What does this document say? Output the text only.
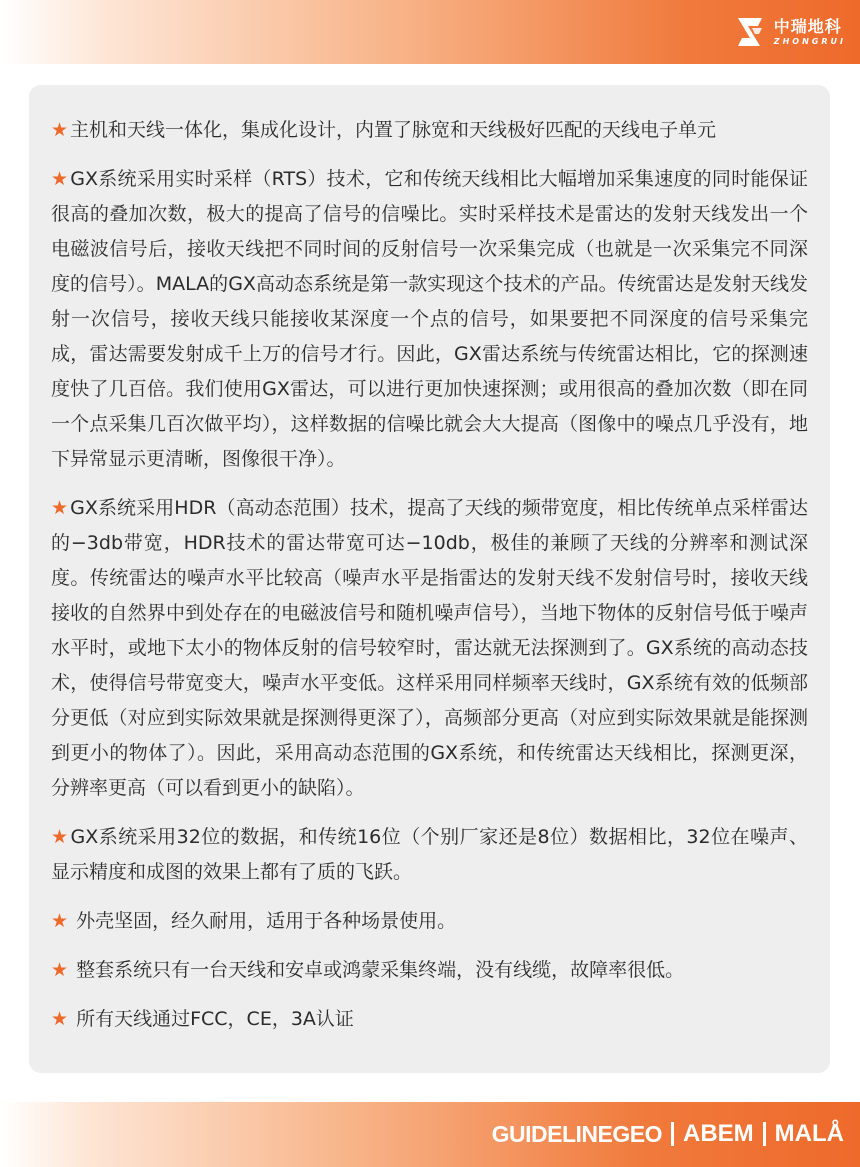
中瑞地科
ZHONGRUI

★ 主机和天线一体化，集成化设计，内置了脉宽和天线极好匹配的天线电子单元

★ GX系统采用实时采样（RTS）技术，它和传统天线相比大幅增加采集速度的同时能保证很高的叠加次数，极大的提高了信号的信噪比。实时采样技术是雷达的发射天线发出一个电磁波信号后，接收天线把不同时间的反射信号一次采集完成（也就是一次采集完不同深度的信号）。MALA的GX高动态系统是第一款实现这个技术的产品。传统雷达是发射天线发射一次信号，接收天线只能接收某深度一个点的信号，如果要把不同深度的信号采集完成，雷达需要发射成千上万的信号才行。因此，GX雷达系统与传统雷达相比，它的探测速度快了几百倍。我们使用GX雷达，可以进行更加快速探测；或用很高的叠加次数（即在同一个点采集几百次做平均），这样数据的信噪比就会大大提高（图像中的噪点几乎没有，地下异常显示更清晰，图像很干净）。

★ GX系统采用HDR（高动态范围）技术，提高了天线的频带宽度，相比传统单点采样雷达的−3db带宽，HDR技术的雷达带宽可达−10db，极佳的兼顾了天线的分辨率和测试深度。传统雷达的噪声水平比较高（噪声水平是指雷达的发射天线不发射信号时，接收天线接收的自然界中到处存在的电磁波信号和随机噪声信号），当地下物体的反射信号低于噪声水平时，或地下太小的物体反射的信号较窄时，雷达就无法探测到了。GX系统的高动态技术，使得信号带宽变大，噪声水平变低。这样采用同样频率天线时，GX系统有效的低频部分更低（对应到实际效果就是探测得更深了），高频部分更高（对应到实际效果就是能探测到更小的物体了）。因此，采用高动态范围的GX系统，和传统雷达天线相比，探测更深，分辨率更高（可以看到更小的缺陷）。

★ GX系统采用32位的数据，和传统16位（个别厂家还是8位）数据相比，32位在噪声、显示精度和成图的效果上都有了质的飞跃。

★ 外壳坚固，经久耐用，适用于各种场景使用。

★ 整套系统只有一台天线和安卓或鸿蒙采集终端，没有线缆，故障率很低。

★ 所有天线通过FCC，CE，3A认证

GUIDELINEGEO ABEM MALÅ
